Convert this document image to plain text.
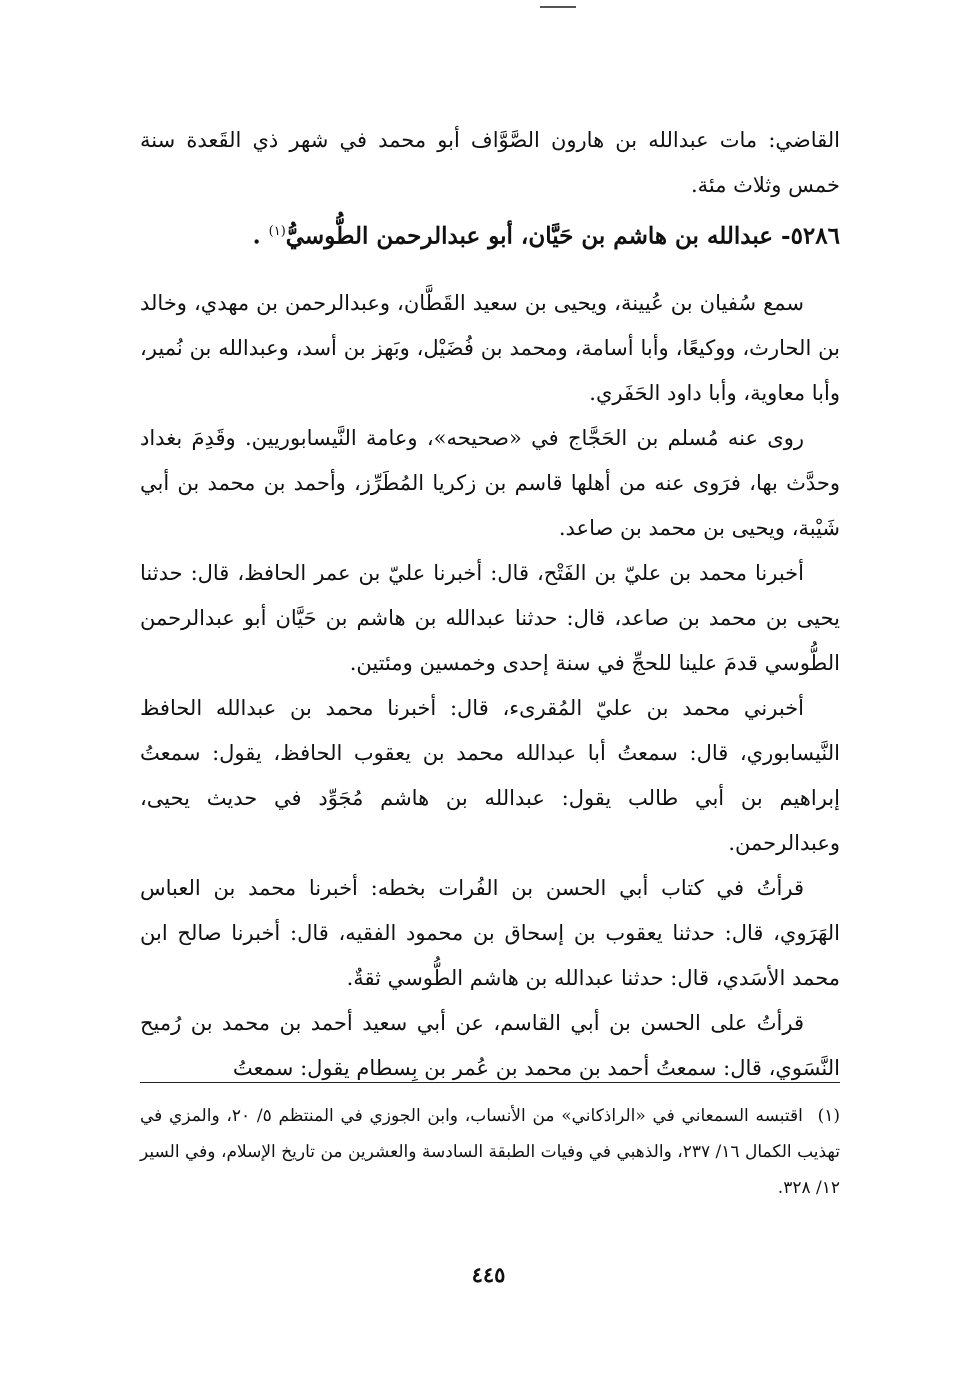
القاضي: مات عبدالله بن هارون الصَّوَّاف أبو محمد في شهر ذي القَعدة سنة خمس وثلاث مئة.

٥٢٨٦- عبدالله بن هاشم بن حَيَّان، أبو عبدالرحمن الطُّوسيُّ$^{(١)}$ .

سمع سُفيان بن عُيينة، ويحيى بن سعيد القَطَّان، وعبدالرحمن بن مهدي، وخالد بن الحارث، ووكيعًا، وأبا أسامة، ومحمد بن فُضَيْل، وبَهز بن أسد، وعبدالله بن نُمير، وأبا معاوية، وأبا داود الحَفَري.

روى عنه مُسلم بن الحَجَّاج في «صحيحه»، وعامة النَّيسابوريين. وقَدِمَ بغداد وحدَّث بها، فرَوى عنه من أهلها قاسم بن زكريا المُطَرِّز، وأحمد بن محمد بن أبي شَيْبة، ويحيى بن محمد بن صاعد.

أخبرنا محمد بن عليّ بن الفَتْح، قال: أخبرنا عليّ بن عمر الحافظ، قال: حدثنا يحيى بن محمد بن صاعد، قال: حدثنا عبدالله بن هاشم بن حَيَّان أبو عبدالرحمن الطُّوسي قدمَ علينا للحجِّ في سنة إحدى وخمسين ومئتين.

أخبرني محمد بن عليّ المُقرىء، قال: أخبرنا محمد بن عبدالله الحافظ النَّيسابوري، قال: سمعتُ أبا عبدالله محمد بن يعقوب الحافظ، يقول: سمعتُ إبراهيم بن أبي طالب يقول: عبدالله بن هاشم مُجَوِّد في حديث يحيى، وعبدالرحمن.

قرأتُ في كتاب أبي الحسن بن الفُرات بخطه: أخبرنا محمد بن العباس الهَرَوي، قال: حدثنا يعقوب بن إسحاق بن محمود الفقيه، قال: أخبرنا صالح ابن محمد الأسَدي، قال: حدثنا عبدالله بن هاشم الطُّوسي ثقةٌ.

قرأتُ على الحسن بن أبي القاسم، عن أبي سعيد أحمد بن محمد بن رُميح النَّسَوي، قال: سمعتُ أحمد بن محمد بن عُمر بن بِسطام يقول: سمعتُ

(١) اقتبسه السمعاني في «الراذكاني» من الأنساب، وابن الجوزي في المنتظم ٥/ ٢٠، والمزي في تهذيب الكمال ١٦/ ٢٣٧، والذهبي في وفيات الطبقة السادسة والعشرين من تاريخ الإسلام، وفي السير ١٢/ ٣٢٨.
٤٤٥
